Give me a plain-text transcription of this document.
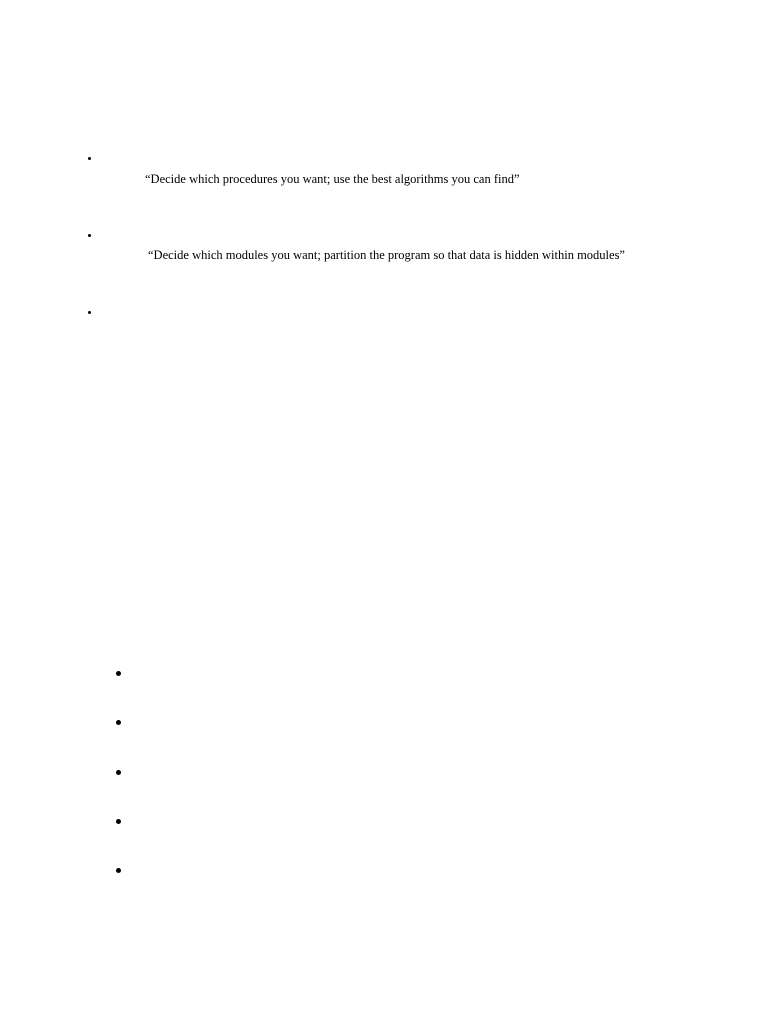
“Decide which procedures you want; use the best algorithms you can find”
“Decide which modules you want; partition the program so that data is hidden within modules”
